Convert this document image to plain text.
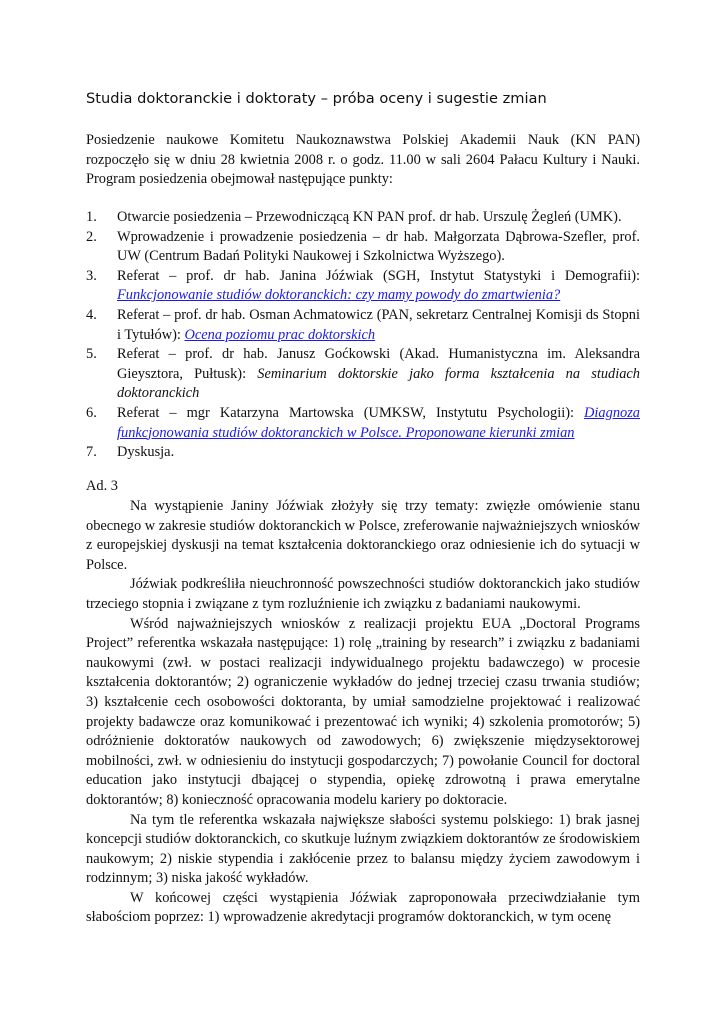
Studia doktoranckie i doktoraty – próba oceny i sugestie zmian
Posiedzenie naukowe Komitetu Naukoznawstwa Polskiej Akademii Nauk (KN PAN) rozpoczęło się w dniu 28 kwietnia 2008 r. o godz. 11.00 w sali 2604 Pałacu Kultury i Nauki. Program posiedzenia obejmował następujące punkty:
1. Otwarcie posiedzenia – Przewodniczącą KN PAN prof. dr hab. Urszulę Żegleń (UMK).
2. Wprowadzenie i prowadzenie posiedzenia – dr hab. Małgorzata Dąbrowa-Szefler, prof. UW (Centrum Badań Polityki Naukowej i Szkolnictwa Wyższego).
3. Referat – prof. dr hab. Janina Jóźwiak (SGH, Instytut Statystyki i Demografii): Funkcjonowanie studiów doktoranckich: czy mamy powody do zmartwienia?
4. Referat – prof. dr hab. Osman Achmatowicz (PAN, sekretarz Centralnej Komisji ds Stopni i Tytułów): Ocena poziomu prac doktorskich
5. Referat – prof. dr hab. Janusz Goćkowski (Akad. Humanistyczna im. Aleksandra Gieysztora, Pułtusk): Seminarium doktorskie jako forma kształcenia na studiach doktoranckich
6. Referat – mgr Katarzyna Martowska (UMKSW, Instytutu Psychologii): Diagnoza funkcjonowania studiów doktoranckich w Polsce. Proponowane kierunki zmian
7. Dyskusja.
Ad. 3

Na wystąpienie Janiny Jóźwiak złożyły się trzy tematy: zwięzłe omówienie stanu obecnego w zakresie studiów doktoranckich w Polsce, zreferowanie najważniejszych wniosków z europejskiej dyskusji na temat kształcenia doktoranckiego oraz odniesienie ich do sytuacji w Polsce.

Jóźwiak podkreśliła nieuchronność powszechności studiów doktoranckich jako studiów trzeciego stopnia i związane z tym rozluźnienie ich związku z badaniami naukowymi.

Wśród najważniejszych wniosków z realizacji projektu EUA „Doctoral Programs Project” referentka wskazała następujące: 1) rolę „training by research” i związku z badaniami naukowymi (zwł. w postaci realizacji indywidualnego projektu badawczego) w procesie kształcenia doktorantów; 2) ograniczenie wykładów do jednej trzeciej czasu trwania studiów; 3) kształcenie cech osobowości doktoranta, by umiał samodzielne projektować i realizować projekty badawcze oraz komunikować i prezentować ich wyniki; 4) szkolenia promotorów; 5) odróżnienie doktoratów naukowych od zawodowych; 6) zwiększenie międzysektorowej mobilności, zwł. w odniesieniu do instytucji gospodarczych; 7) powołanie Council for doctoral education jako instytucji dbającej o stypendia, opiekę zdrowotną i prawa emerytalne doktorantów; 8) konieczność opracowania modelu kariery po doktoracie.

Na tym tle referentka wskazała największe słabości systemu polskiego: 1) brak jasnej koncepcji studiów doktoranckich, co skutkuje luźnym związkiem doktorantów ze środowiskiem naukowym; 2) niskie stypendia i zakłócenie przez to balansu między życiem zawodowym i rodzinnym; 3) niska jakość wykładów.

W końcowej części wystąpienia Jóźwiak zaproponowała przeciwdziałanie tym słabościom poprzez: 1) wprowadzenie akredytacji programów doktoranckich, w tym ocenę
